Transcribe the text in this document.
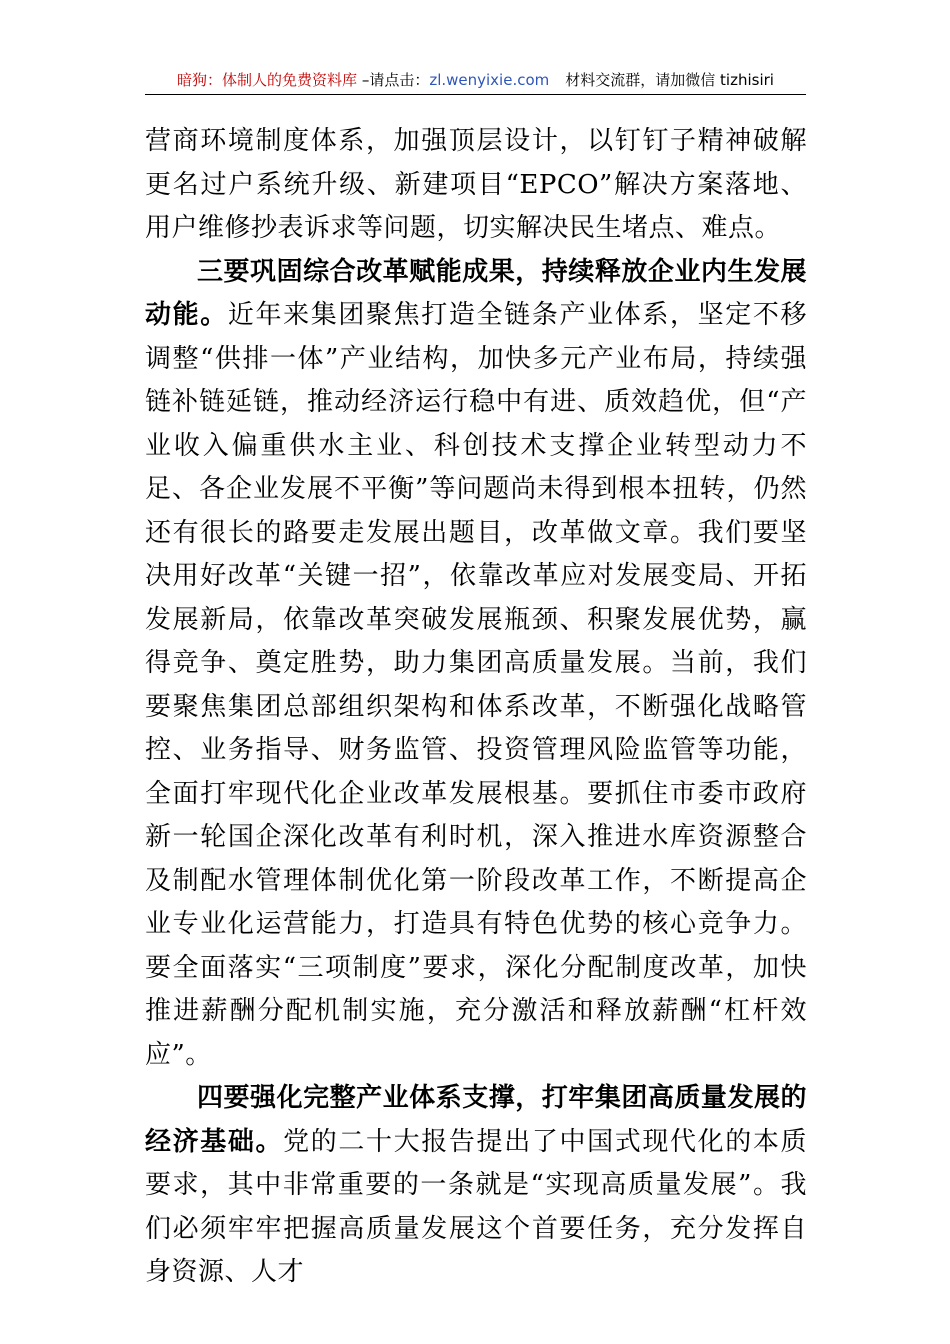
暗狗：体制人的免费资料库 –请点击：zl.wenyixie.com 材料交流群，请加微信 tizhisiri

营商环境制度体系，加强顶层设计，以钉钉子精神破解更名过户系统升级、新建项目“EPCO”解决方案落地、用户维修抄表诉求等问题，切实解决民生堵点、难点。

三要巩固综合改革赋能成果，持续释放企业内生发展动能。近年来集团聚焦打造全链条产业体系，坚定不移调整“供排一体”产业结构，加快多元产业布局，持续强链补链延链，推动经济运行稳中有进、质效趋优，但“产业收入偏重供水主业、科创技术支撑企业转型动力不足、各企业发展不平衡”等问题尚未得到根本扭转，仍然还有很长的路要走发展出题目，改革做文章。我们要坚决用好改革“关键一招”，依靠改革应对发展变局、开拓发展新局，依靠改革突破发展瓶颈、积聚发展优势，赢得竞争、奠定胜势，助力集团高质量发展。当前，我们要聚焦集团总部组织架构和体系改革，不断强化战略管控、业务指导、财务监管、投资管理风险监管等功能，全面打牢现代化企业改革发展根基。要抓住市委市政府新一轮国企深化改革有利时机，深入推进水库资源整合及制配水管理体制优化第一阶段改革工作，不断提高企业专业化运营能力，打造具有特色优势的核心竞争力。要全面落实“三项制度”要求，深化分配制度改革，加快推进薪酬分配机制实施，充分激活和释放薪酬“杠杆效应”。

四要强化完整产业体系支撑，打牢集团高质量发展的经济基础。党的二十大报告提出了中国式现代化的本质要求，其中非常重要的一条就是“实现高质量发展”。我们必须牢牢把握高质量发展这个首要任务，充分发挥自身资源、人才
